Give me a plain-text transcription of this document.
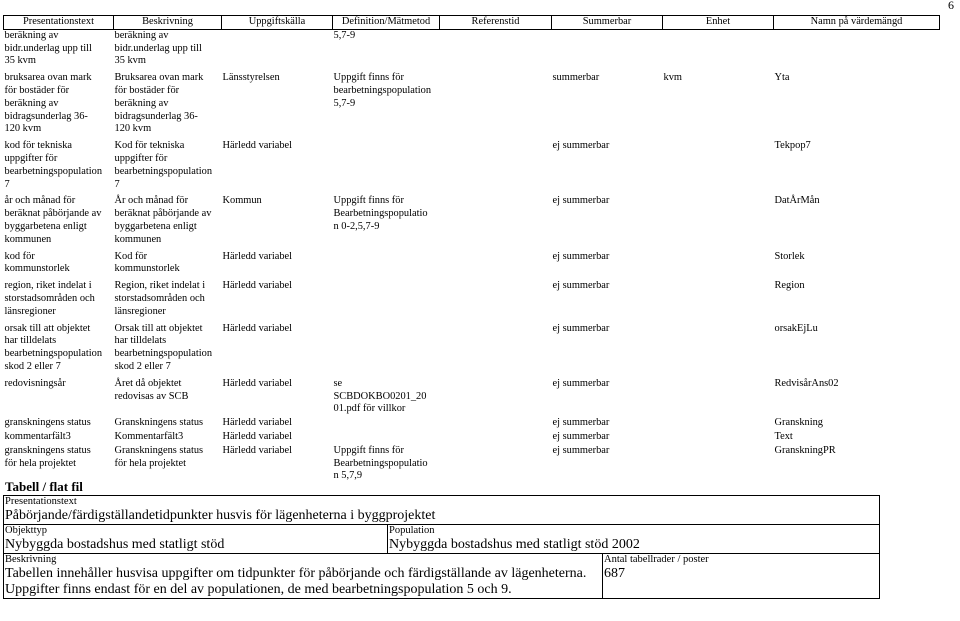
6
Presentationstext	Beskrivning	Uppgiftskälla	Definition/Mätmetod	Referenstid	Summerbar	Enhet	Namn på värdemängd
beräkning av
bidr.underlag upp till
35 kvm	beräkning av
bidr.underlag upp till
35 kvm		5,7-9				
bruksarea ovan mark
för bostäder för
beräkning av
bidragsunderlag 36-
120 kvm	Bruksarea ovan mark
för bostäder för
beräkning av
bidragsunderlag 36-
120 kvm	Länsstyrelsen	Uppgift finns för
bearbetningspopulation
5,7-9		summerbar	kvm	Yta
kod för tekniska
uppgifter för
bearbetningspopulation
7	Kod för tekniska
uppgifter för
bearbetningspopulation
7	Härledd variabel			ej summerbar		Tekpop7
år och månad för
beräknat påbörjande av
byggarbetena enligt
kommunen	År och månad för
beräknat påbörjande av
byggarbetena enligt
kommunen	Kommun	Uppgift finns för
Bearbetningspopulatio
n 0-2,5,7-9		ej summerbar		DatÅrMån
kod för
kommunstorlek	Kod för
kommunstorlek	Härledd variabel			ej summerbar		Storlek
region, riket indelat i
storstadsområden och
länsregioner	Region, riket indelat i
storstadsområden och
länsregioner	Härledd variabel			ej summerbar		Region
orsak till att objektet
har tilldelats
bearbetningspopulation
skod 2 eller 7	Orsak till att objektet
har tilldelats
bearbetningspopulation
skod 2 eller 7	Härledd variabel			ej summerbar		orsakEjLu
redovisningsår	Året då objektet
redovisas av SCB	Härledd variabel	se
SCBDOKBO0201_20
01.pdf för villkor		ej summerbar		RedvisårAns02
granskningens status	Granskningens status	Härledd variabel			ej summerbar		Granskning
kommentarfält3	Kommentarfält3	Härledd variabel			ej summerbar		Text
granskningens status
för hela projektet	Granskningens status
för hela projektet	Härledd variabel	Uppgift finns för
Bearbetningspopulatio
n 5,7,9		ej summerbar		GranskningPR
Tabell / flat fil
Presentationstext
Påbörjande/färdigställandetidpunkter husvis för lägenheterna i byggprojektet		

Objekttyp
Nybyggda bostadshus med statligt stöd	Population
Nybyggda bostadshus med statligt stöd 2002	

Beskrivning
Tabellen innehåller husvisa uppgifter om tidpunkter för påbörjande och färdigställande av lägenheterna. Uppgifter finns endast för en del av populationen, de med bearbetningspopulation 5 och 9.		Antal tabellrader / poster
687
